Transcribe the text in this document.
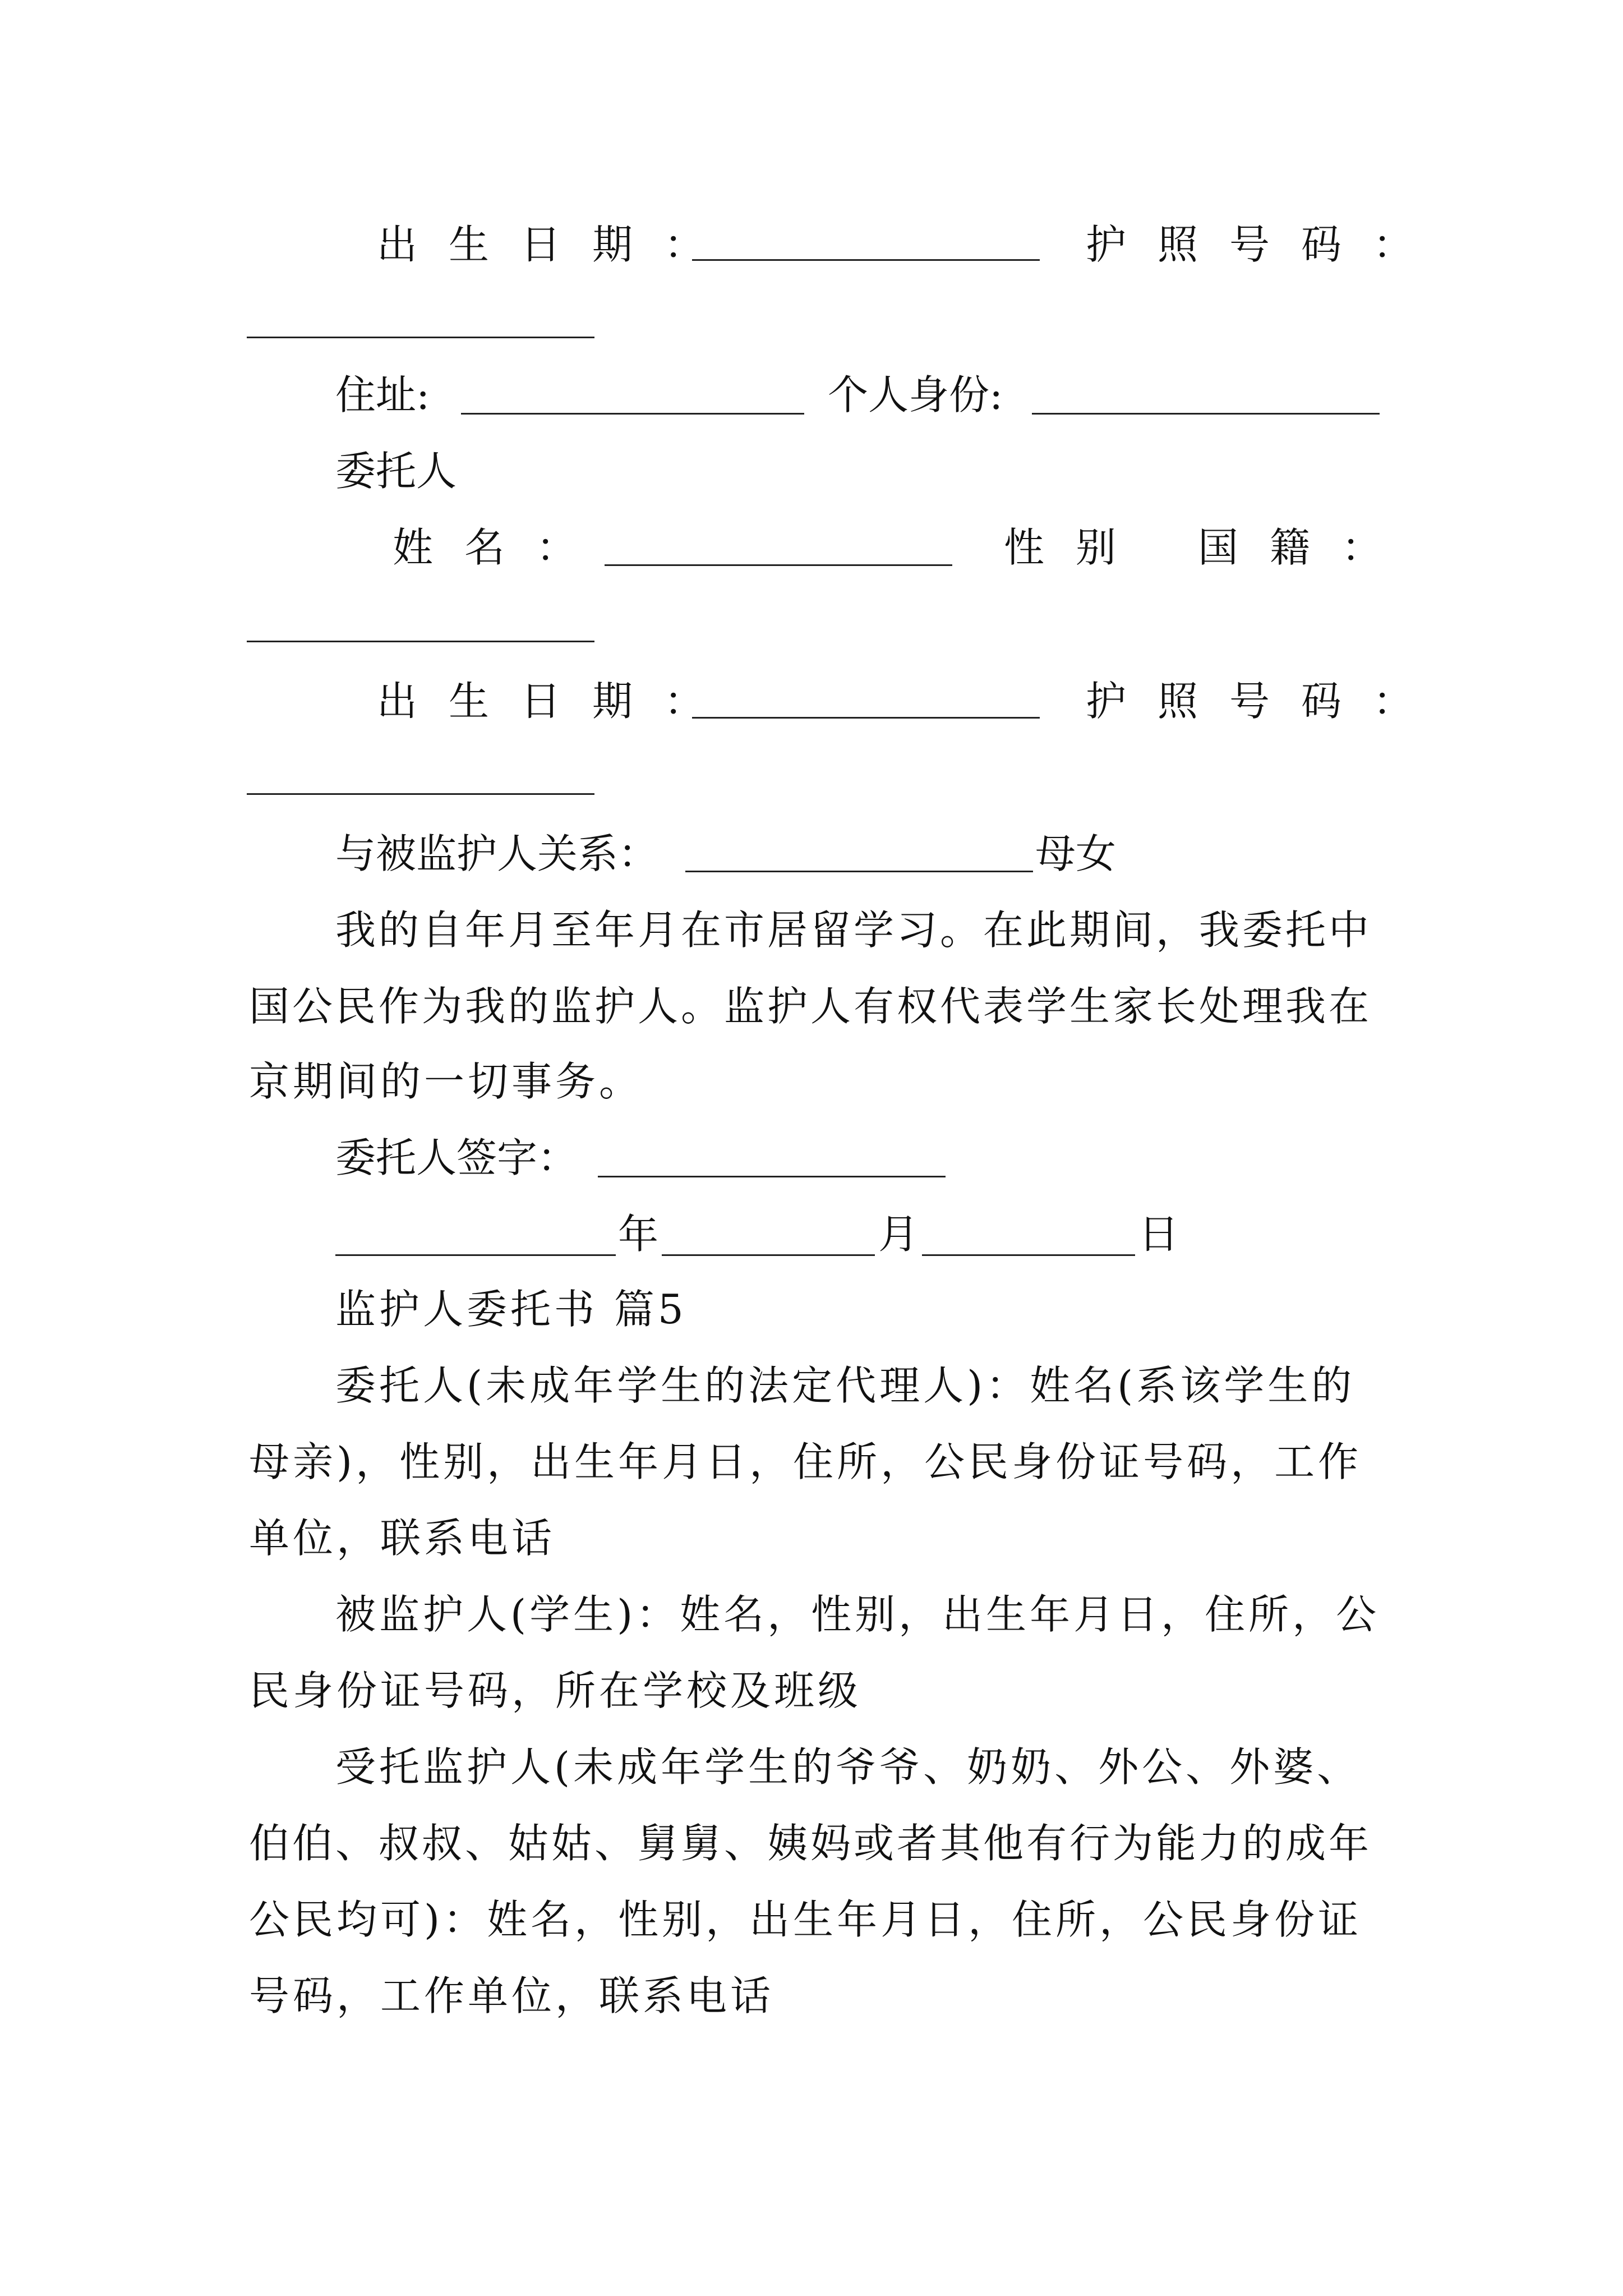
出生日期：	护照号码：
住址:	个人身份:
委托人
姓名：	性别 国籍：
出生日期：	护照号码：
与被监护人关系：	母女
我的自年月至年月在市居留学习。在此期间，我委托中
国公民作为我的监护人。监护人有权代表学生家长处理我在
京期间的一切事务。
委托人签字：
年	月	日
监护人委托书 篇5
委托人(未成年学生的法定代理人)：姓名(系该学生的
母亲)，性别，出生年月日，住所，公民身份证号码，工作
单位，联系电话
被监护人(学生)：姓名，性别，出生年月日，住所，公
民身份证号码，所在学校及班级
受托监护人(未成年学生的爷爷、奶奶、外公、外婆、
伯伯、叔叔、姑姑、舅舅、姨妈或者其他有行为能力的成年
公民均可)：姓名，性别，出生年月日，住所，公民身份证
号码，工作单位，联系电话
